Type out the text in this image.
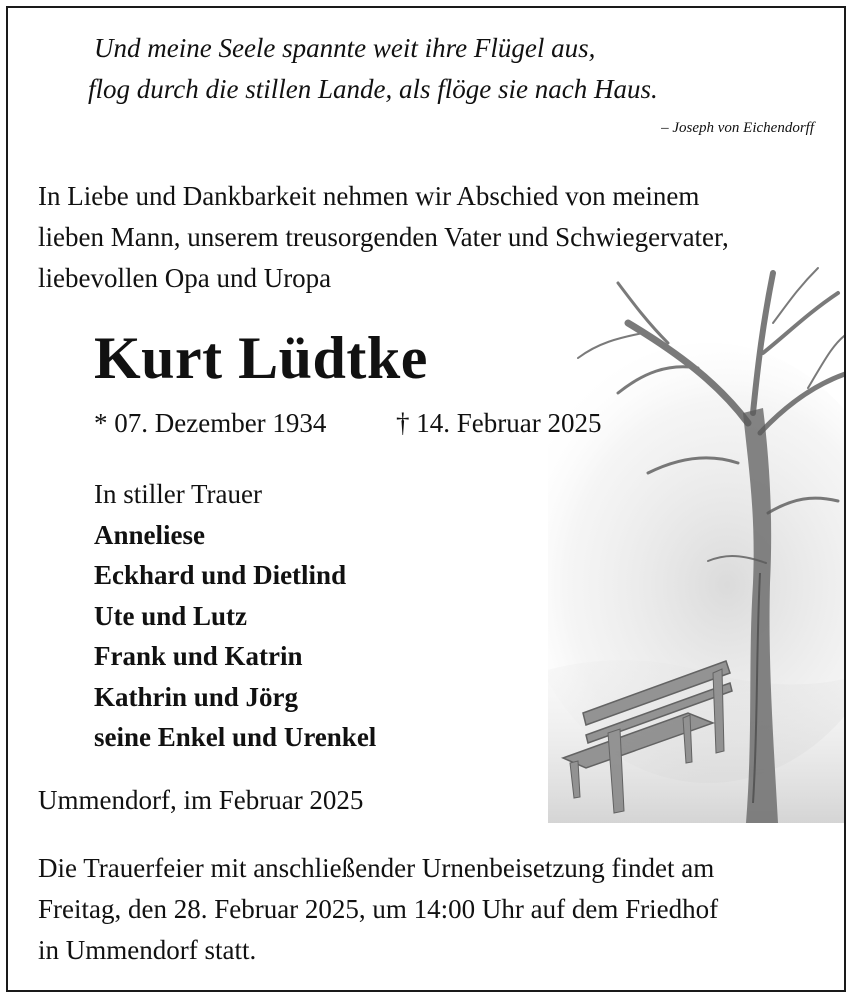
Und meine Seele spannte weit ihre Flügel aus,
flog durch die stillen Lande, als flöge sie nach Haus.
– Joseph von Eichendorff
In Liebe und Dankbarkeit nehmen wir Abschied von meinem
lieben Mann, unserem treusorgenden Vater und Schwiegervater,
liebevollen Opa und Uropa
Kurt Lüdtke
* 07. Dezember 1934	† 14. Februar 2025
In stiller Trauer
Anneliese
Eckhard und Dietlind
Ute und Lutz
Frank und Katrin
Kathrin und Jörg
seine Enkel und Urenkel
Ummendorf, im Februar 2025
Die Trauerfeier mit anschließender Urnenbeisetzung findet am
Freitag, den 28. Februar 2025, um 14:00 Uhr auf dem Friedhof
in Ummendorf statt.
